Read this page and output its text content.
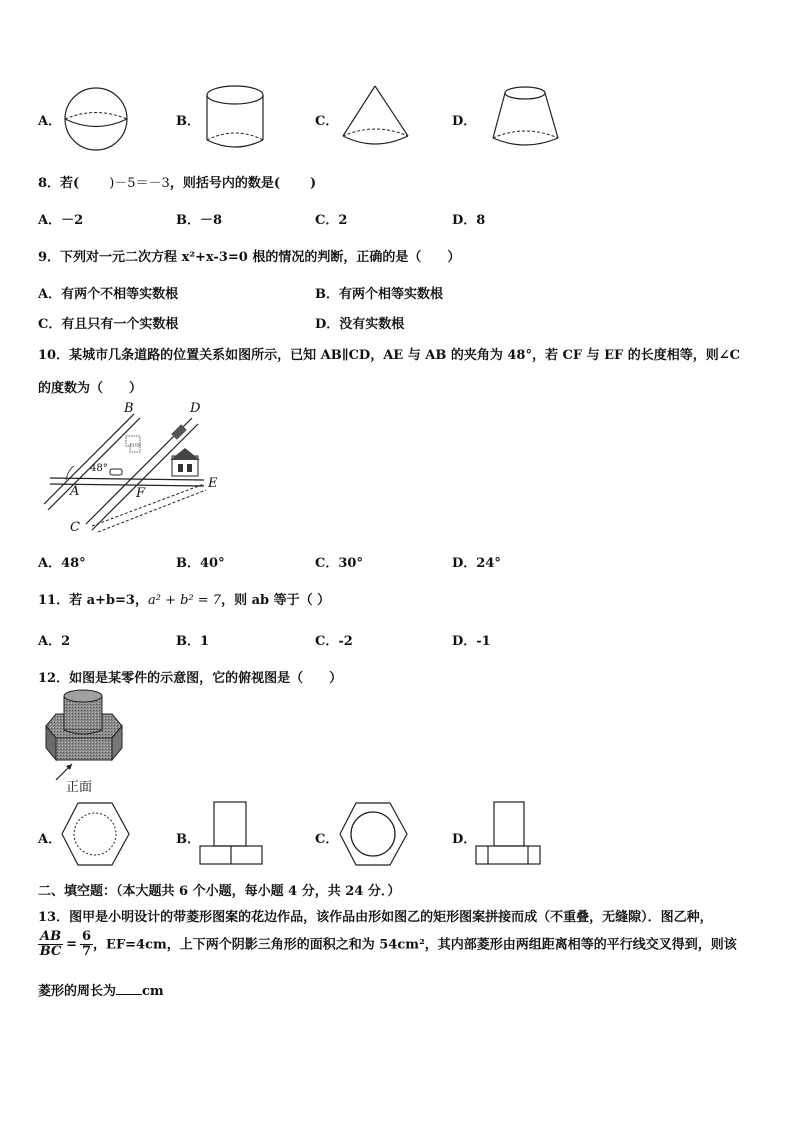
A．	B．	C．	D．
8．若( )－5＝－3，则括号内的数是( )
A．－2	B．－8	C．2	D．8
9．下列对一元二次方程 x²+x-3=0 根的情况的判断，正确的是（　　）
A．有两个不相等实数根	B．有两个相等实数根
C．有且只有一个实数根	D．没有实数根
10．某城市几条道路的位置关系如图所示，已知 AB∥CD，AE 与 AB 的夹角为 48°，若 CF 与 EF 的长度相等，则∠C
的度数为（　　）
B	D
A	F
E
C
48°
A．48°	B．40°	C．30°	D．24°
11．若 a+b=3，a² + b² = 7，则 ab 等于（ ）
A．2	B．1	C．-2	D．-1
12．如图是某零件的示意图，它的俯视图是（　　）
正面
A．	B．	C．	D．
二、填空题：（本大题共 6 个小题，每小题 4 分，共 24 分．）
13．图甲是小明设计的带菱形图案的花边作品，该作品由形如图乙的矩形图案拼接而成（不重叠，无缝隙）．图乙种，
$\frac{AB}{BC} = \frac{6}{7}$ ，EF=4cm，上下两个阴影三角形的面积之和为 54cm²，其内部菱形由两组距离相等的平行线交叉得到，则该
菱形的周长为 cm
